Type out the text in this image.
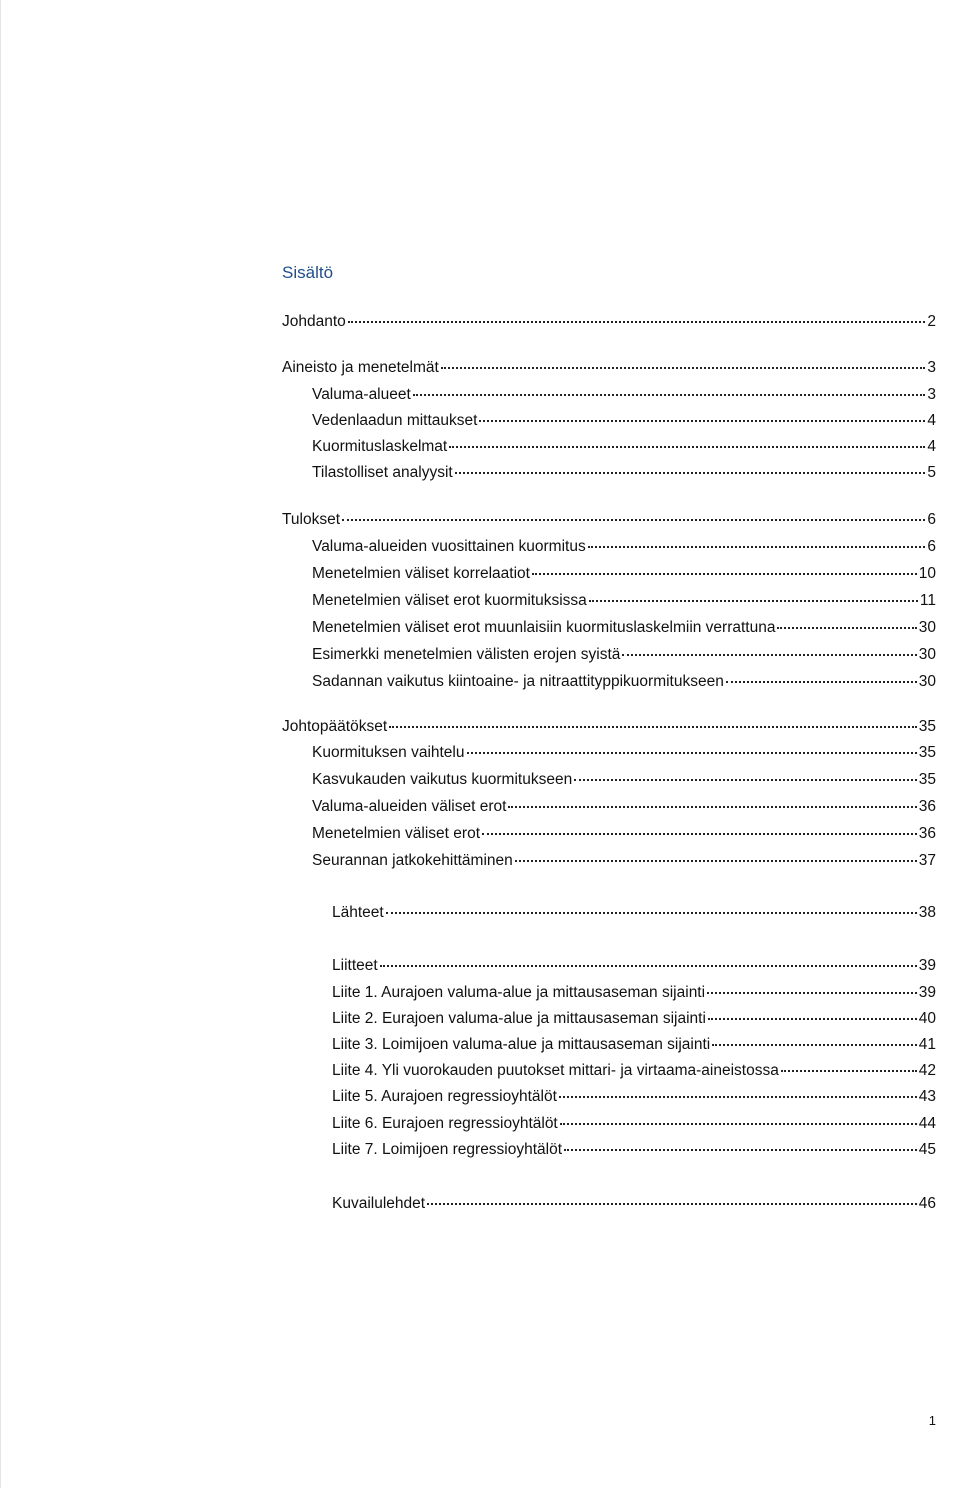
Sisältö
Johdanto	2
Aineisto ja menetelmät	3
Valuma-alueet	3
Vedenlaadun mittaukset	4
Kuormituslaskelmat	4
Tilastolliset analyysit	5
Tulokset	6
Valuma-alueiden vuosittainen kuormitus	6
Menetelmien väliset korrelaatiot	10
Menetelmien väliset erot kuormituksissa	11
Menetelmien väliset erot muunlaisiin kuormituslaskelmiin verrattuna	30
Esimerkki menetelmien välisten erojen syistä	30
Sadannan vaikutus kiintoaine- ja nitraattityppikuormitukseen	30
Johtopäätökset	35
Kuormituksen vaihtelu	35
Kasvukauden vaikutus kuormitukseen	35
Valuma-alueiden väliset erot	36
Menetelmien väliset erot	36
Seurannan jatkokehittäminen	37
Lähteet	38
Liitteet	39
Liite 1. Aurajoen valuma-alue ja mittausaseman sijainti	39
Liite 2. Eurajoen valuma-alue ja mittausaseman sijainti	40
Liite 3. Loimijoen valuma-alue ja mittausaseman sijainti	41
Liite 4. Yli vuorokauden puutokset mittari- ja virtaama-aineistossa	42
Liite 5. Aurajoen regressioyhtälöt	43
Liite 6. Eurajoen regressioyhtälöt	44
Liite 7. Loimijoen regressioyhtälöt	45
Kuvailulehdet	46
1
